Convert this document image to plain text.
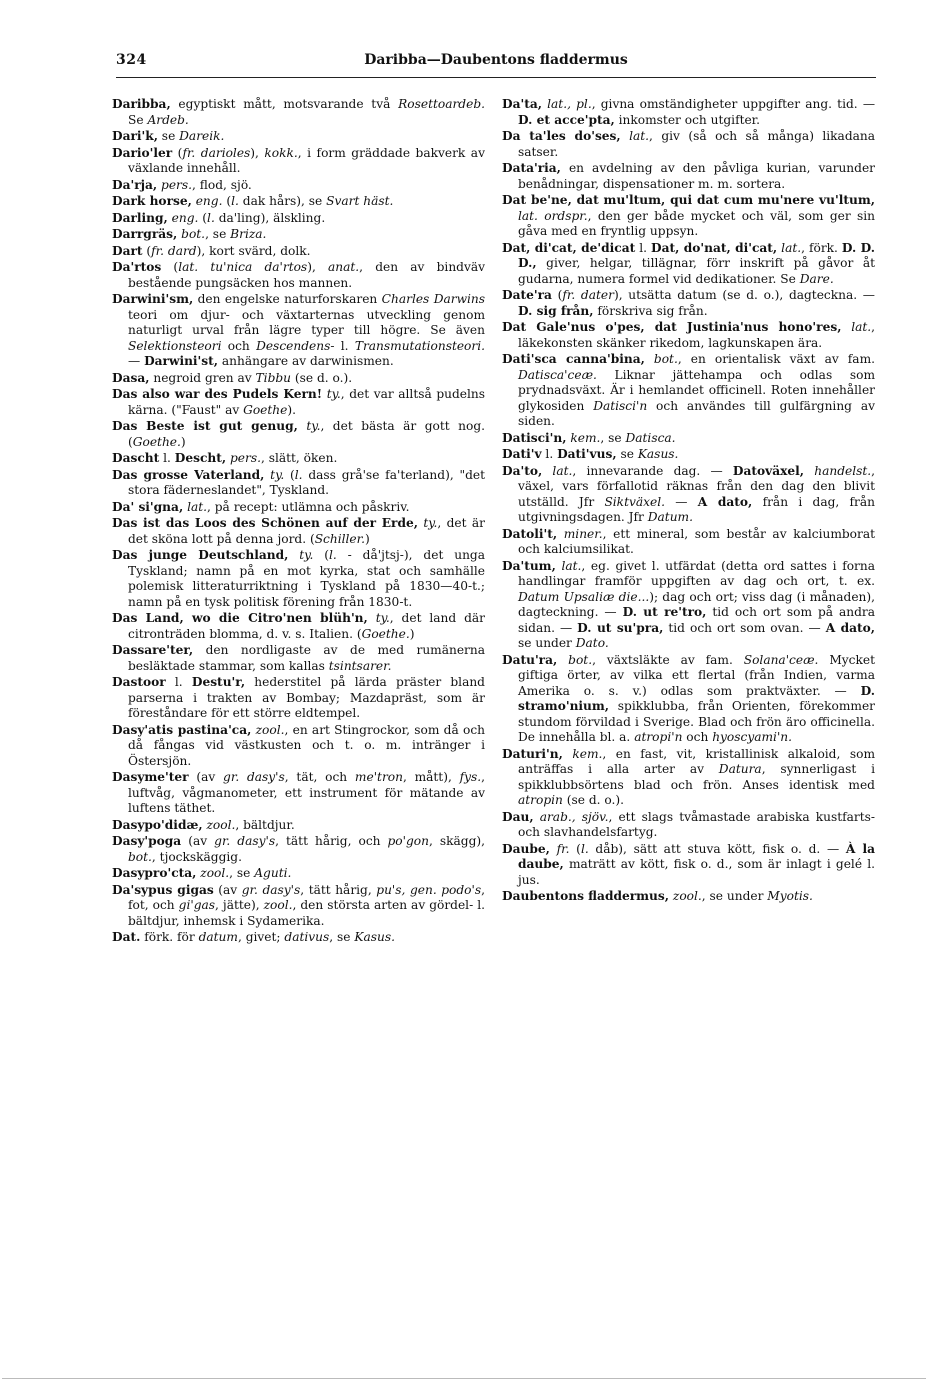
324	Daribba—Daubentons fladdermus

Daribba, egyptiskt mått, motsvarande två Rosettoardeb. Se Ardeb.

Dari'k, se Dareik.

Dario'ler (fr. darioles), kokk., i form gräddade bakverk av växlande innehåll.

Da'rja, pers., flod, sjö.

Dark horse, eng. (l. dak hårs), se Svart häst.

Darling, eng. (l. da'ling), älskling.

Darrgräs, bot., se Briza.

Dart (fr. dard), kort svärd, dolk.

Da'rtos (lat. tu'nica da'rtos), anat., den av bindväv bestående pungsäcken hos mannen.

Darwini'sm, den engelske naturforskaren Charles Darwins teori om djur- och växtarternas utveckling genom naturligt urval från lägre typer till högre. Se även Selektionsteori och Descendens- l. Transmutationsteori. — Darwini'st, anhängare av darwinismen.

Dasa, negroid gren av Tibbu (se d. o.).

Das also war des Pudels Kern! ty., det var alltså pudelns kärna. ("Faust" av Goethe).

Das Beste ist gut genug, ty., det bästa är gott nog. (Goethe.)

Dascht l. Descht, pers., slätt, öken.

Das grosse Vaterland, ty. (l. dass grå'se fa'terland), "det stora fäderneslandet", Tyskland.

Da' si'gna, lat., på recept: utlämna och påskriv.

Das ist das Loos des Schönen auf der Erde, ty., det är det sköna lott på denna jord. (Schiller.)

Das junge Deutschland, ty. (l. - då'jtsj-), det unga Tyskland; namn på en mot kyrka, stat och samhälle polemisk litteraturriktning i Tyskland på 1830—40-t.; namn på en tysk politisk förening från 1830-t.

Das Land, wo die Citro'nen blüh'n, ty., det land där citronträden blomma, d. v. s. Italien. (Goethe.)

Dassare'ter, den nordligaste av de med rumänerna besläktade stammar, som kallas tsintsarer.

Dastoor l. Destu'r, hederstitel på lärda präster bland parserna i trakten av Bombay; Mazdapräst, som är föreståndare för ett större eldtempel.

Dasy'atis pastina'ca, zool., en art Stingrockor, som då och då fångas vid västkusten och t. o. m. intränger i Östersjön.

Dasyme'ter (av gr. dasy's, tät, och me'tron, mått), fys., luftvåg, vågmanometer, ett instrument för mätande av luftens täthet.

Dasypo'didæ, zool., bältdjur.

Dasy'poga (av gr. dasy's, tätt hårig, och po'gon, skägg), bot., tjockskäggig.

Dasypro'cta, zool., se Aguti.

Da'sypus gigas (av gr. dasy's, tätt hårig, pu's, gen. podo's, fot, och gi'gas, jätte), zool., den största arten av gördel- l. bältdjur, inhemsk i Sydamerika.

Dat. förk. för datum, givet; dativus, se Kasus.

Da'ta, lat., pl., givna omständigheter uppgifter ang. tid. — D. et acce'pta, inkomster och utgifter.

Da ta'les do'ses, lat., giv (så och så många) likadana satser.

Data'ria, en avdelning av den påvliga kurian, varunder benådningar, dispensationer m. m. sortera.

Dat be'ne, dat mu'ltum, qui dat cum mu'nere vu'ltum, lat. ordspr., den ger både mycket och väl, som ger sin gåva med en fryntlig uppsyn.

Dat, di'cat, de'dicat l. Dat, do'nat, di'cat, lat., förk. D. D. D., giver, helgar, tillägnar, förr inskrift på gåvor åt gudarna, numera formel vid dedikationer. Se Dare.

Date'ra (fr. dater), utsätta datum (se d. o.), dagteckna. — D. sig från, förskriva sig från.

Dat Gale'nus o'pes, dat Justinia'nus hono'res, lat., läkekonsten skänker rikedom, lagkunskapen ära.

Dati'sca canna'bina, bot., en orientalisk växt av fam. Datisca'ceæ. Liknar jättehampa och odlas som prydnadsväxt. Är i hemlandet officinell. Roten innehåller glykosiden Datisci'n och användes till gulfärgning av siden.

Datisci'n, kem., se Datisca.

Dati'v l. Dati'vus, se Kasus.

Da'to, lat., innevarande dag. — Datoväxel, handelst., växel, vars förfallotid räknas från den dag den blivit utställd. Jfr Siktväxel. — A dato, från i dag, från utgivningsdagen. Jfr Datum.

Datoli't, miner., ett mineral, som består av kalciumborat och kalciumsilikat.

Da'tum, lat., eg. givet l. utfärdat (detta ord sattes i forna handlingar framför uppgiften av dag och ort, t. ex. Datum Upsaliæ die...); dag och ort; viss dag (i månaden), dagteckning. — D. ut re'tro, tid och ort som på andra sidan. — D. ut su'pra, tid och ort som ovan. — A dato, se under Dato.

Datu'ra, bot., växtsläkte av fam. Solana'ceæ. Mycket giftiga örter, av vilka ett flertal (från Indien, varma Amerika o. s. v.) odlas som praktväxter. — D. stramo'nium, spikklubba, från Orienten, förekommer stundom förvildad i Sverige. Blad och frön äro officinella. De innehålla bl. a. atropi'n och hyoscyami'n.

Daturi'n, kem., en fast, vit, kristallinisk alkaloid, som anträffas i alla arter av Datura, synnerligast i spikklubbsörtens blad och frön. Anses identisk med atropin (se d. o.).

Dau, arab., sjöv., ett slags tvåmastade arabiska kustfarts- och slavhandelsfartyg.

Daube, fr. (l. dåb), sätt att stuva kött, fisk o. d. — À la daube, maträtt av kött, fisk o. d., som är inlagt i gelé l. jus.

Daubentons fladdermus, zool., se under Myotis.
